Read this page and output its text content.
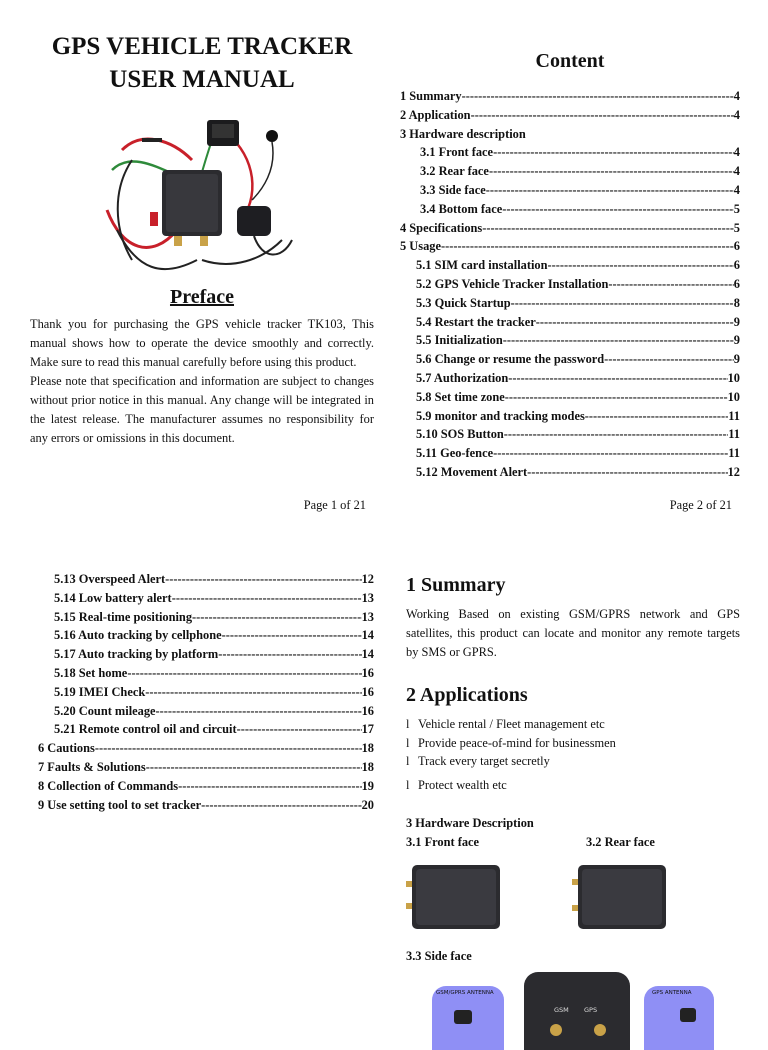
GPS VEHICLE TRACKER
USER MANUAL
Preface

Thank you for purchasing the GPS vehicle tracker TK103, This manual shows how to operate the device smoothly and correctly. Make sure to read this manual carefully before using this product.

Please note that specification and information are subject to changes without prior notice in this manual. Any change will be integrated in the latest release. The manufacturer assumes no responsibility for any errors or omissions in this document.

Page 1 of 21
Content
1 Summary -----	4
2 Application -----	4
3 Hardware description
3.1 Front face -----	4
3.2 Rear face -----	4
3.3 Side face -----	4
3.4 Bottom face -----	5
4 Specifications -----	5
5 Usage -----	6
5.1 SIM card installation -----	6
5.2 GPS Vehicle Tracker Installation -----	6
5.3 Quick Startup -----	8
5.4 Restart the tracker -----	9
5.5 Initialization -----	9
5.6 Change or resume the password -----	9
5.7 Authorization -----	10
5.8 Set time zone -----	10
5.9 monitor and tracking modes -----	11
5.10 SOS Button -----	11
5.11 Geo-fence -----	11
5.12 Movement Alert -----	12
Page 2 of 21
5.13 Overspeed Alert -----	12
5.14 Low battery alert -----	13
5.15 Real-time positioning -----	13
5.16 Auto tracking by cellphone -----	14
5.17 Auto tracking by platform -----	14
5.18 Set home -----	16
5.19 IMEI Check -----	16
5.20 Count mileage -----	16
5.21 Remote control oil and circuit -----	17
6 Cautions -----	18
7 Faults & Solutions -----	18
8 Collection of Commands -----	19
9 Use setting tool to set tracker -----	20
1 Summary

Working Based on existing GSM/GPRS network and GPS satellites, this product can locate and monitor any remote targets by SMS or GPRS.

2 Applications
l Vehicle rental / Fleet management etc
l Provide peace-of-mind for businessmen
l Track every target secretly
l Protect wealth etc
3 Hardware Description
3.1 Front face	3.2 Rear face
3.3 Side face
GSM/GPRS ANTENNA	GPS ANTENNA
GSM GPS
